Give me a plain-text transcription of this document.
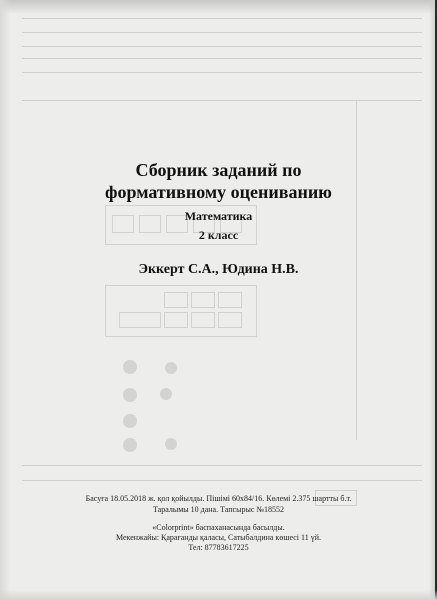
Сборник заданий по
формативному оцениванию
Математика
2 класс
Эккерт С.А., Юдина Н.В.
Басуға 18.05.2018 ж. қол қойылды. Пішімі 60х84/16. Көлемі 2.375 шартты б.т.
Таралымы 10 дана. Тапсырыс №18552
«Colorprint» баспаханасында басылды.
Мекенжайы: Қарағанды қаласы, Сатыбалдина көшесі 11 үй.
Тел: 87783617225
